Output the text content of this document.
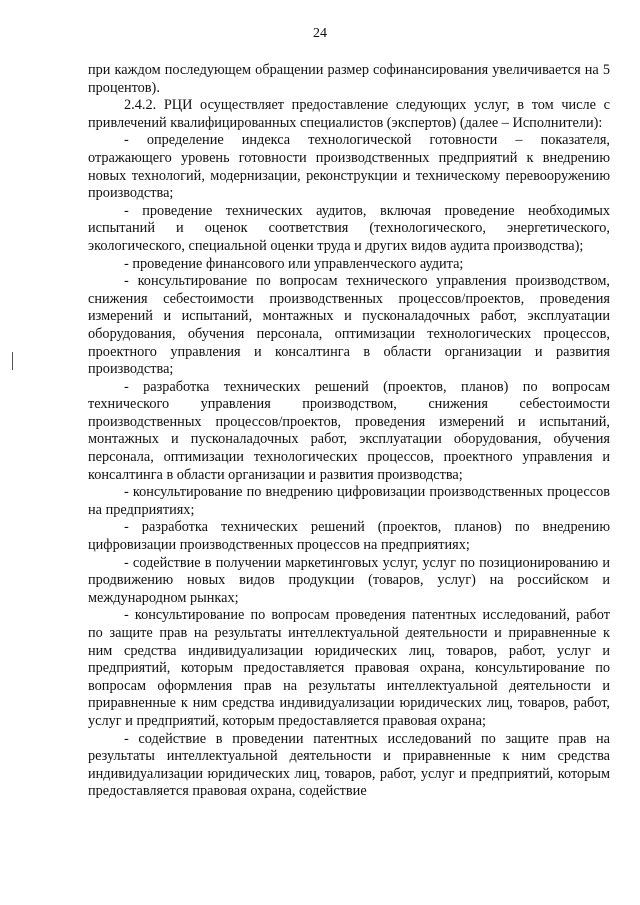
24

при каждом последующем обращении размер софинансирования увеличивается на 5 процентов).

2.4.2. РЦИ осуществляет предоставление следующих услуг, в том числе с привлечений квалифицированных специалистов (экспертов) (далее – Исполнители):

- определение индекса технологической готовности – показателя, отражающего уровень готовности производственных предприятий к внедрению новых технологий, модернизации, реконструкции и техническому перевооружению производства;

- проведение технических аудитов, включая проведение необходимых испытаний и оценок соответствия (технологического, энергетического, экологического, специальной оценки труда и других видов аудита производства);

- проведение финансового или управленческого аудита;

- консультирование по вопросам технического управления производством, снижения себестоимости производственных процессов/проектов, проведения измерений и испытаний, монтажных и пусконаладочных работ, эксплуатации оборудования, обучения персонала, оптимизации технологических процессов, проектного управления и консалтинга в области организации и развития производства;

- разработка технических решений (проектов, планов) по вопросам технического управления производством, снижения себестоимости производственных процессов/проектов, проведения измерений и испытаний, монтажных и пусконаладочных работ, эксплуатации оборудования, обучения персонала, оптимизации технологических процессов, проектного управления и консалтинга в области организации и развития производства;

- консультирование по внедрению цифровизации производственных процессов на предприятиях;

- разработка технических решений (проектов, планов) по внедрению цифровизации производственных процессов на предприятиях;

- содействие в получении маркетинговых услуг, услуг по позиционированию и продвижению новых видов продукции (товаров, услуг) на российском и международном рынках;

- консультирование по вопросам проведения патентных исследований, работ по защите прав на результаты интеллектуальной деятельности и приравненные к ним средства индивидуализации юридических лиц, товаров, работ, услуг и предприятий, которым предоставляется правовая охрана, консультирование по вопросам оформления прав на результаты интеллектуальной деятельности и приравненные к ним средства индивидуализации юридических лиц, товаров, работ, услуг и предприятий, которым предоставляется правовая охрана;

- содействие в проведении патентных исследований по защите прав на результаты интеллектуальной деятельности и приравненные к ним средства индивидуализации юридических лиц, товаров, работ, услуг и предприятий, которым предоставляется правовая охрана, содействие
